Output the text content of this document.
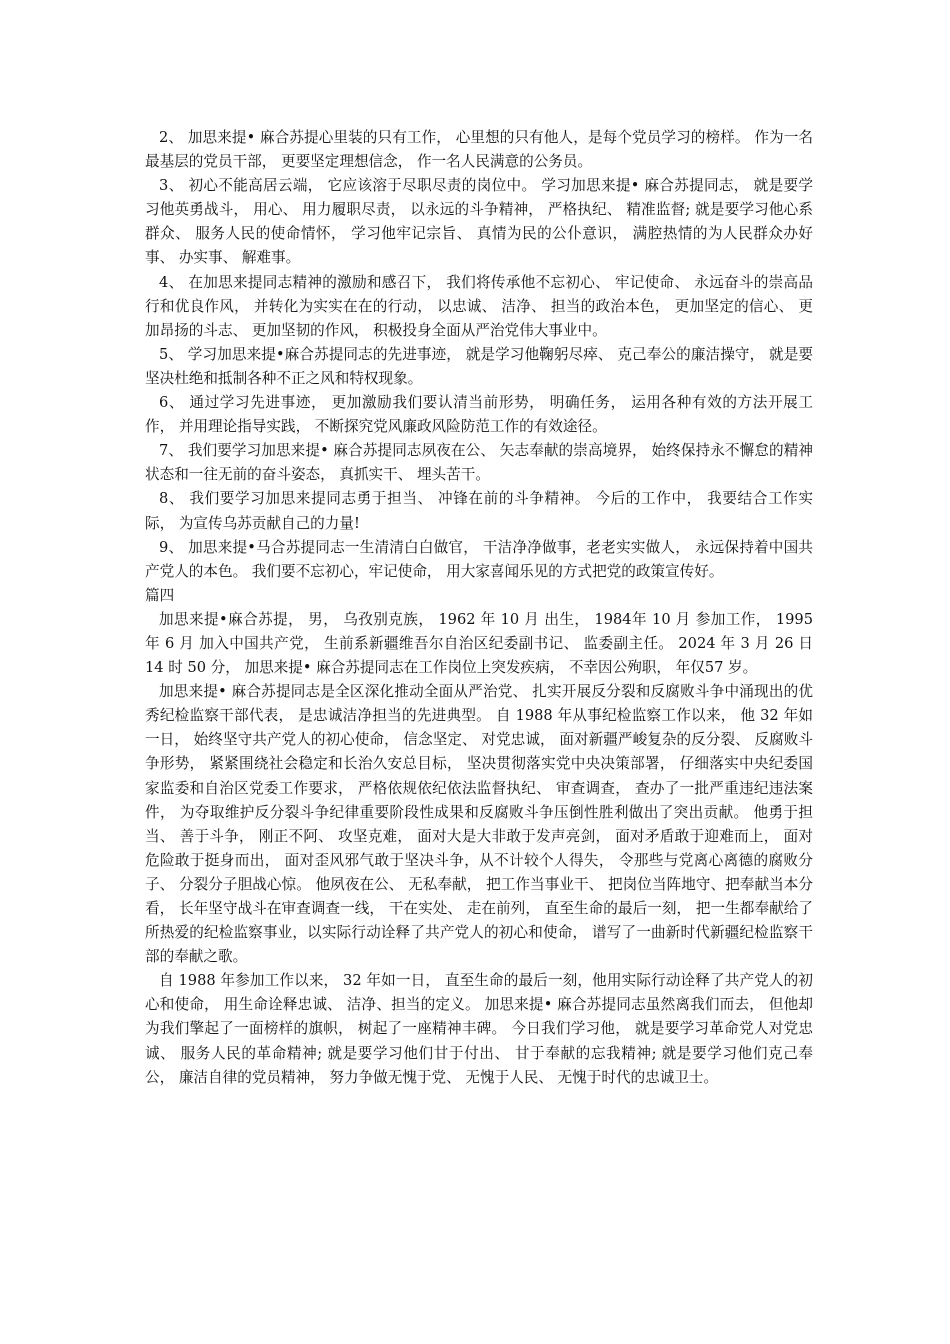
2、 加思来提• 麻合苏提心里装的只有工作， 心里想的只有他人，是每个党员学习的榜样。 作为一名最基层的党员干部， 更要坚定理想信念， 作一名人民满意的公务员。

3、 初心不能高居云端， 它应该溶于尽职尽责的岗位中。 学习加思来提• 麻合苏提同志， 就是要学习他英勇战斗， 用心、 用力履职尽责， 以永远的斗争精神， 严格执纪、 精准监督; 就是要学习他心系群众、 服务人民的使命情怀， 学习他牢记宗旨、 真情为民的公仆意识， 满腔热情的为人民群众办好事、 办实事、 解难事。

4、 在加思来提同志精神的激励和感召下， 我们将传承他不忘初心、 牢记使命、 永远奋斗的崇高品行和优良作风， 并转化为实实在在的行动， 以忠诚、 洁净、 担当的政治本色， 更加坚定的信心、 更加昂扬的斗志、 更加坚韧的作风， 积极投身全面从严治党伟大事业中。

5、 学习加思来提•麻合苏提同志的先进事迹， 就是学习他鞠躬尽瘁、 克己奉公的廉洁操守， 就是要坚决杜绝和抵制各种不正之风和特权现象。

6、 通过学习先进事迹， 更加激励我们要认清当前形势， 明确任务， 运用各种有效的方法开展工作， 并用理论指导实践， 不断探究党风廉政风险防范工作的有效途径。

7、 我们要学习加思来提• 麻合苏提同志夙夜在公、 矢志奉献的崇高境界， 始终保持永不懈怠的精神状态和一往无前的奋斗姿态， 真抓实干、 埋头苦干。

8、 我们要学习加思来提同志勇于担当、 冲锋在前的斗争精神。 今后的工作中， 我要结合工作实际， 为宣传乌苏贡献自己的力量!

9、 加思来提•马合苏提同志一生清清白白做官， 干洁净净做事，老老实实做人， 永远保持着中国共产党人的本色。 我们要不忘初心，牢记使命， 用大家喜闻乐见的方式把党的政策宣传好。

篇四

加思来提•麻合苏提， 男， 乌孜别克族， 1962 年 10 月 出生， 1984年 10 月 参加工作， 1995 年 6 月 加入中国共产党， 生前系新疆维吾尔自治区纪委副书记、 监委副主任。 2024 年 3 月 26 日 14 时 50 分， 加思来提• 麻合苏提同志在工作岗位上突发疾病， 不幸因公殉职， 年仅57 岁。

加思来提• 麻合苏提同志是全区深化推动全面从严治党、 扎实开展反分裂和反腐败斗争中涌现出的优秀纪检监察干部代表， 是忠诚洁净担当的先进典型。 自 1988 年从事纪检监察工作以来， 他 32 年如一日， 始终坚守共产党人的初心使命， 信念坚定、 对党忠诚， 面对新疆严峻复杂的反分裂、 反腐败斗争形势， 紧紧围绕社会稳定和长治久安总目标， 坚决贯彻落实党中央决策部署， 仔细落实中央纪委国家监委和自治区党委工作要求， 严格依规依纪依法监督执纪、 审查调查， 查办了一批严重违纪违法案件， 为夺取维护反分裂斗争纪律重要阶段性成果和反腐败斗争压倒性胜利做出了突出贡献。 他勇于担当、 善于斗争， 刚正不阿、 攻坚克难， 面对大是大非敢于发声亮剑， 面对矛盾敢于迎难而上， 面对危险敢于挺身而出， 面对歪风邪气敢于坚决斗争，从不计较个人得失， 令那些与党离心离德的腐败分子、 分裂分子胆战心惊。 他夙夜在公、 无私奉献， 把工作当事业干、 把岗位当阵地守、把奉献当本分看， 长年坚守战斗在审查调查一线， 干在实处、 走在前列， 直至生命的最后一刻， 把一生都奉献给了所热爱的纪检监察事业，以实际行动诠释了共产党人的初心和使命， 谱写了一曲新时代新疆纪检监察干部的奉献之歌。

自 1988 年参加工作以来， 32 年如一日， 直至生命的最后一刻，他用实际行动诠释了共产党人的初心和使命， 用生命诠释忠诚、 洁净、担当的定义。 加思来提• 麻合苏提同志虽然离我们而去， 但他却为我们擎起了一面榜样的旗帜， 树起了一座精神丰碑。 今日我们学习他， 就是要学习革命党人对党忠诚、 服务人民的革命精神; 就是要学习他们甘于付出、 甘于奉献的忘我精神; 就是要学习他们克己奉公， 廉洁自律的党员精神， 努力争做无愧于党、 无愧于人民、 无愧于时代的忠诚卫士。
